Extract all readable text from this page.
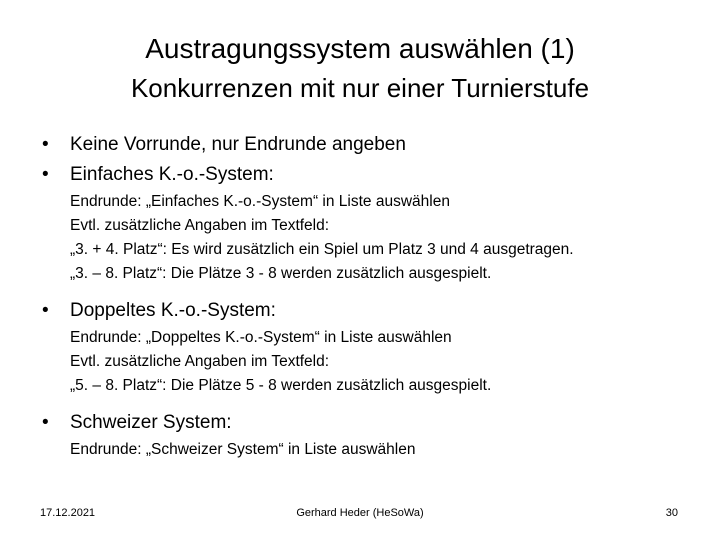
Austragungssystem auswählen (1)
Konkurrenzen mit nur einer Turnierstufe
• Keine Vorrunde, nur Endrunde angeben
• Einfaches K.-o.-System:
Endrunde: „Einfaches K.-o.-System“ in Liste auswählen
Evtl. zusätzliche Angaben im Textfeld:
„3. + 4. Platz“: Es wird zusätzlich ein Spiel um Platz 3 und 4 ausgetragen.
„3. – 8. Platz“: Die Plätze 3 - 8 werden zusätzlich ausgespielt.
• Doppeltes K.-o.-System:
Endrunde: „Doppeltes K.-o.-System“ in Liste auswählen
Evtl. zusätzliche Angaben im Textfeld:
„5. – 8. Platz“: Die Plätze 5 - 8 werden zusätzlich ausgespielt.
• Schweizer System:
Endrunde: „Schweizer System“ in Liste auswählen
17.12.2021	Gerhard Heder (HeSoWa)	30
